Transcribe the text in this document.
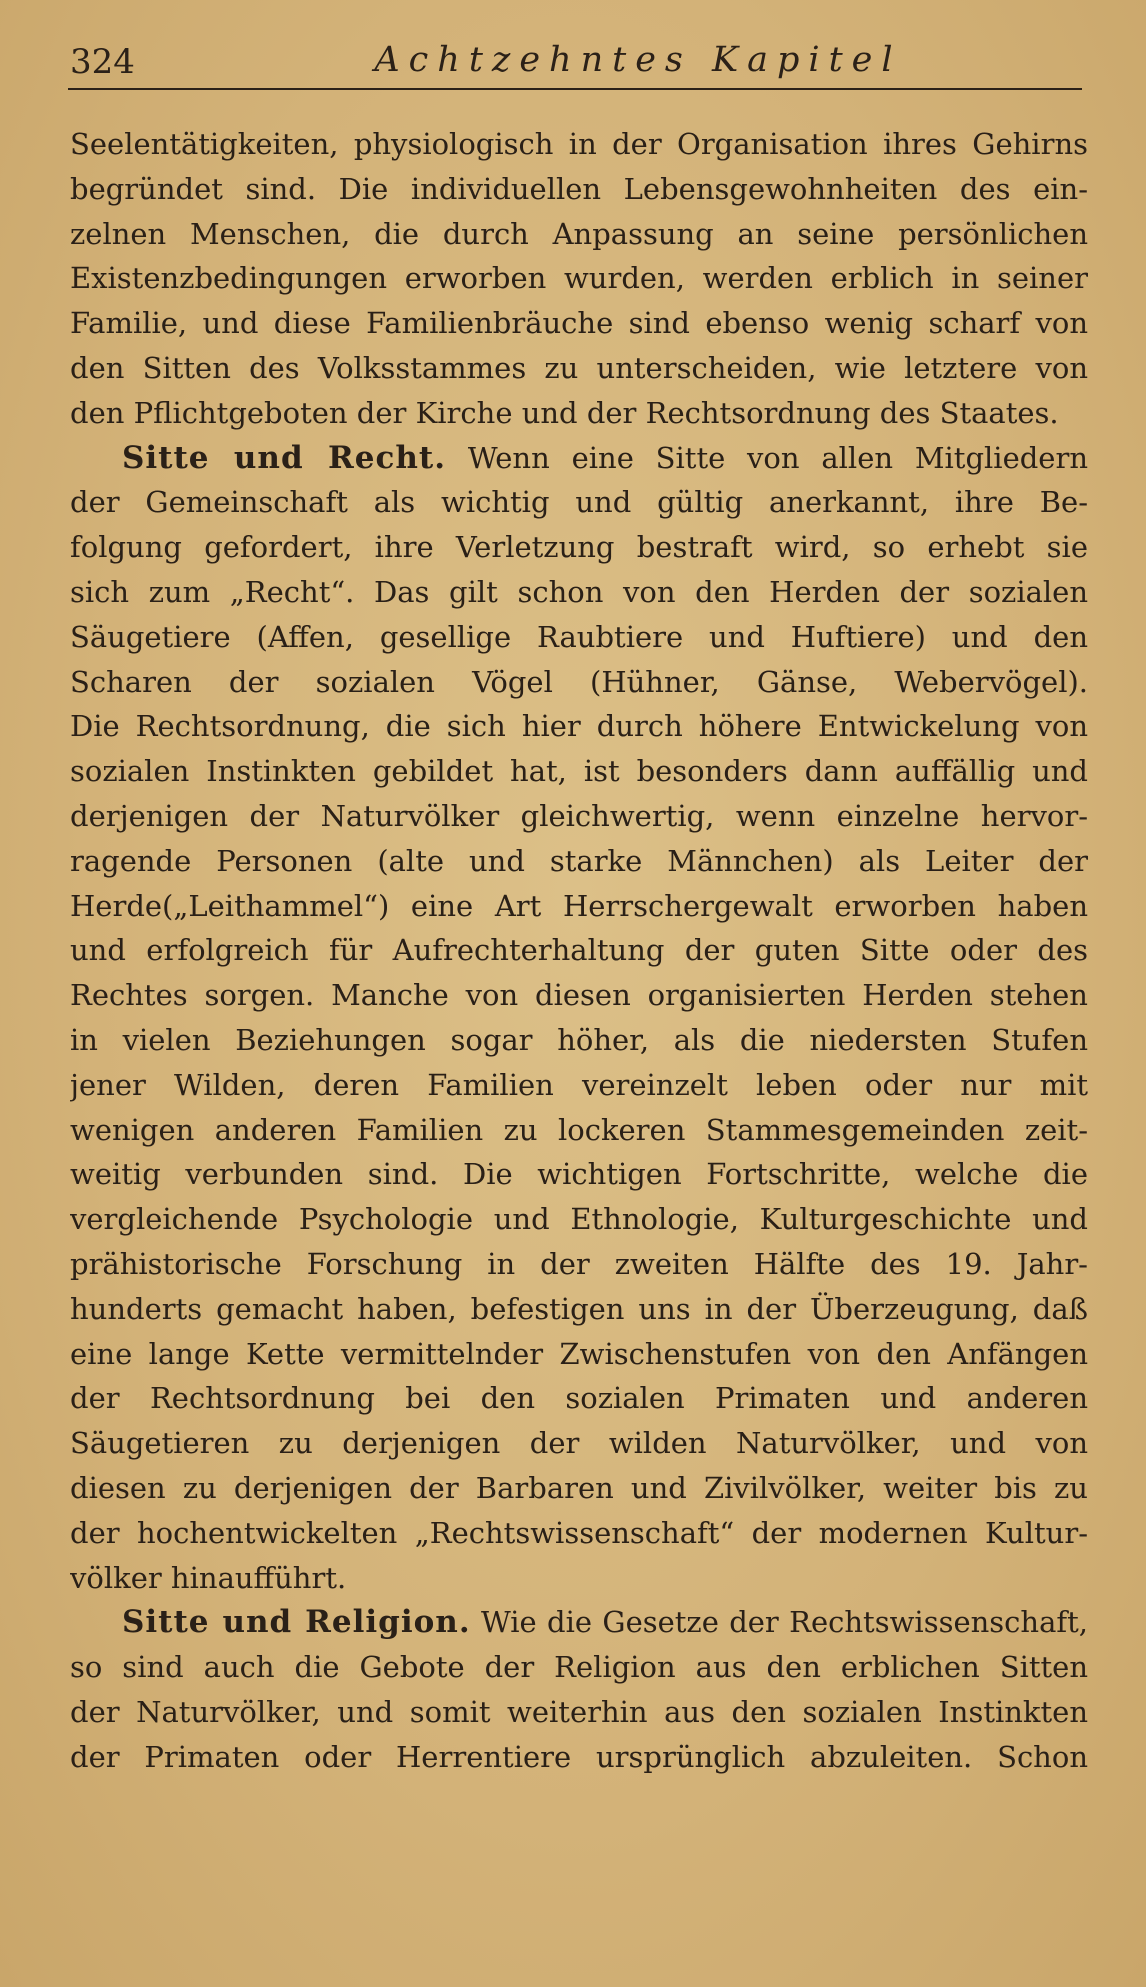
324	Achtzehntes Kapitel
Seelentätigkeiten, physiologisch in der Organisation ihres Gehirns
begründet sind. Die individuellen Lebensgewohnheiten des ein-
zelnen Menschen, die durch Anpassung an seine persönlichen
Existenzbedingungen erworben wurden, werden erblich in seiner
Familie, und diese Familienbräuche sind ebenso wenig scharf von
den Sitten des Volksstammes zu unterscheiden, wie letztere von
den Pflichtgeboten der Kirche und der Rechtsordnung des Staates.
Sitte und Recht. Wenn eine Sitte von allen Mitgliedern
der Gemeinschaft als wichtig und gültig anerkannt, ihre Be-
folgung gefordert, ihre Verletzung bestraft wird, so erhebt sie
sich zum „Recht“. Das gilt schon von den Herden der sozialen
Säugetiere (Affen, gesellige Raubtiere und Huftiere) und den
Scharen der sozialen Vögel (Hühner, Gänse, Webervögel).
Die Rechtsordnung, die sich hier durch höhere Entwickelung von
sozialen Instinkten gebildet hat, ist besonders dann auffällig und
derjenigen der Naturvölker gleichwertig, wenn einzelne hervor-
ragende Personen (alte und starke Männchen) als Leiter der
Herde(„Leithammel“) eine Art Herrschergewalt erworben haben
und erfolgreich für Aufrechterhaltung der guten Sitte oder des
Rechtes sorgen. Manche von diesen organisierten Herden stehen
in vielen Beziehungen sogar höher, als die niedersten Stufen
jener Wilden, deren Familien vereinzelt leben oder nur mit
wenigen anderen Familien zu lockeren Stammesgemeinden zeit-
weitig verbunden sind. Die wichtigen Fortschritte, welche die
vergleichende Psychologie und Ethnologie, Kulturgeschichte und
prähistorische Forschung in der zweiten Hälfte des 19. Jahr-
hunderts gemacht haben, befestigen uns in der Überzeugung, daß
eine lange Kette vermittelnder Zwischenstufen von den Anfängen
der Rechtsordnung bei den sozialen Primaten und anderen
Säugetieren zu derjenigen der wilden Naturvölker, und von
diesen zu derjenigen der Barbaren und Zivilvölker, weiter bis zu
der hochentwickelten „Rechtswissenschaft“ der modernen Kultur-
völker hinaufführt.
Sitte und Religion. Wie die Gesetze der Rechtswissenschaft,
so sind auch die Gebote der Religion aus den erblichen Sitten
der Naturvölker, und somit weiterhin aus den sozialen Instinkten
der Primaten oder Herrentiere ursprünglich abzuleiten. Schon
